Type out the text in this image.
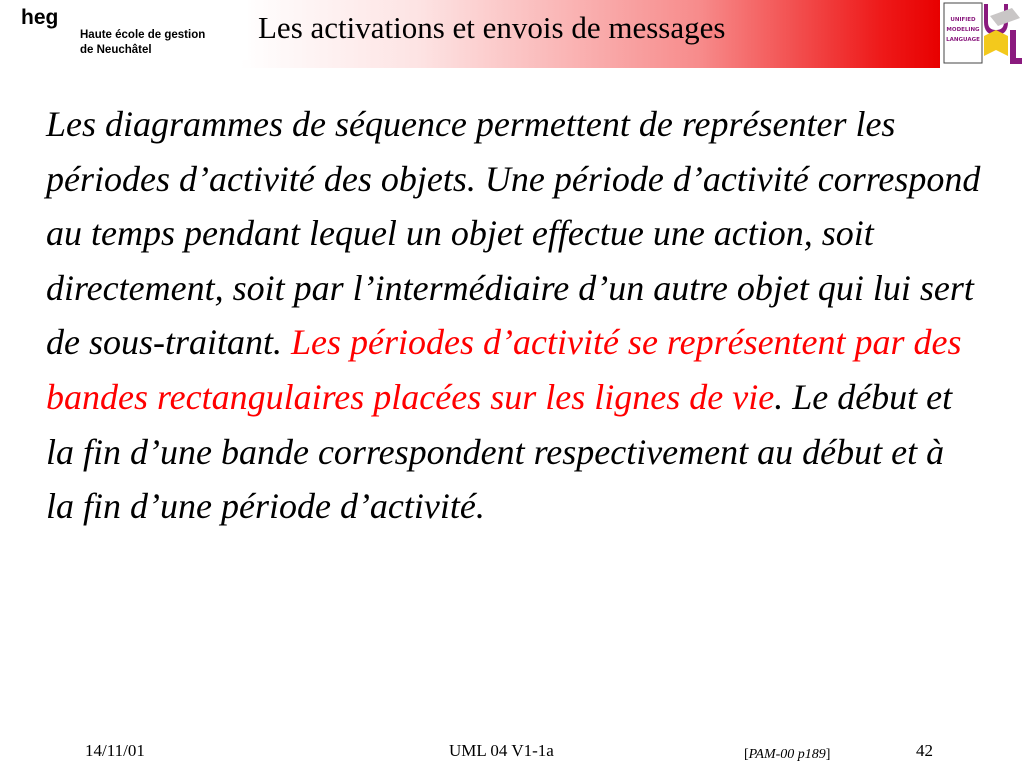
heg
Haute école de gestion
de Neuchâtel
Les activations et envois de messages	UNIFIED
MODELING
LANGUAGE
Les diagrammes de séquence permettent de représenter les périodes d’activité des objets. Une période d’activité correspond au temps pendant lequel un objet effectue une action, soit directement, soit par l’intermédiaire d’un autre objet qui lui sert de sous-traitant. Les périodes d’activité se représentent par des bandes rectangulaires placées sur les lignes de vie. Le début et la fin d’une bande correspondent respectivement au début et à la fin d’une période d’activité.
14/11/01	UML 04 V1-1a	[PAM-00 p189]	42
